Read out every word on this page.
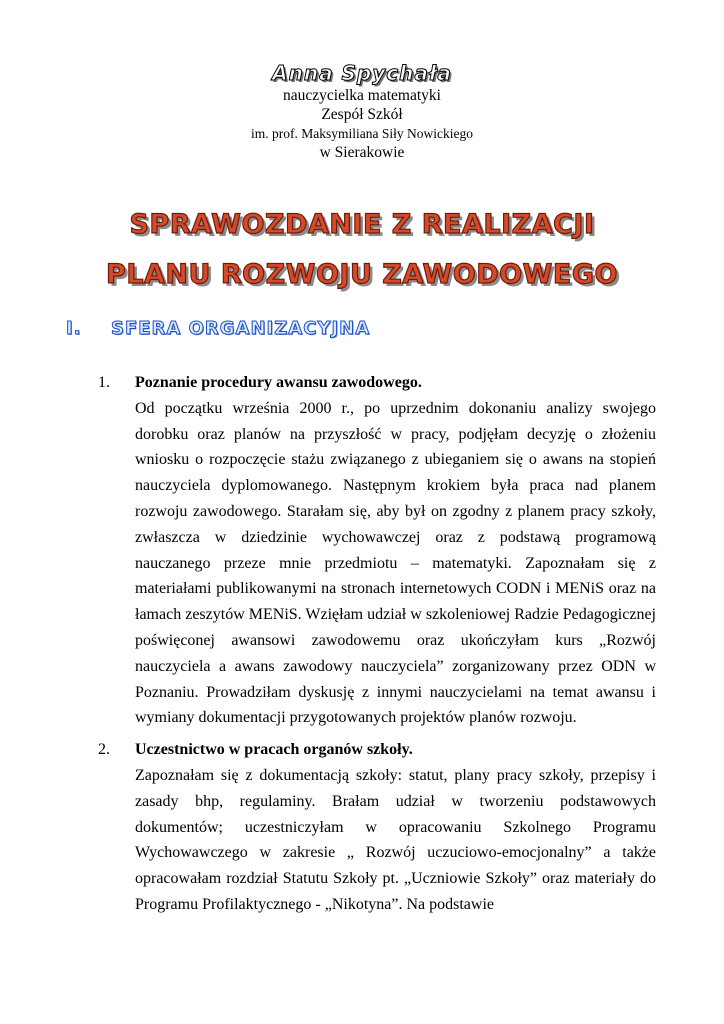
Anna Spychała
nauczycielka matematyki
Zespół Szkół
im. prof. Maksymiliana Siły Nowickiego
w Sierakowie
SPRAWOZDANIE Z REALIZACJI
PLANU ROZWOJU ZAWODOWEGO
I. SFERA ORGANIZACYJNA
1. Poznanie procedury awansu zawodowego.
Od początku września 2000 r., po uprzednim dokonaniu analizy swojego dorobku oraz planów na przyszłość w pracy, podjęłam decyzję o złożeniu wniosku o rozpoczęcie stażu związanego z ubieganiem się o awans na stopień nauczyciela dyplomowanego. Następnym krokiem była praca nad planem rozwoju zawodowego. Starałam się, aby był on zgodny z planem pracy szkoły, zwłaszcza w dziedzinie wychowawczej oraz z podstawą programową nauczanego przeze mnie przedmiotu – matematyki. Zapoznałam się z materiałami publikowanymi na stronach internetowych CODN i MENiS oraz na łamach zeszytów MENiS. Wzięłam udział w szkoleniowej Radzie Pedagogicznej poświęconej awansowi zawodowemu oraz ukończyłam kurs „Rozwój nauczyciela a awans zawodowy nauczyciela” zorganizowany przez ODN w Poznaniu. Prowadziłam dyskusję z innymi nauczycielami na temat awansu i wymiany dokumentacji przygotowanych projektów planów rozwoju.
2. Uczestnictwo w pracach organów szkoły.
Zapoznałam się z dokumentacją szkoły: statut, plany pracy szkoły, przepisy i zasady bhp, regulaminy. Brałam udział w tworzeniu podstawowych dokumentów; uczestniczyłam w opracowaniu Szkolnego Programu Wychowawczego w zakresie „ Rozwój uczuciowo-emocjonalny” a także opracowałam rozdział Statutu Szkoły pt. „Uczniowie Szkoły” oraz materiały do Programu Profilaktycznego - „Nikotyna”. Na podstawie
